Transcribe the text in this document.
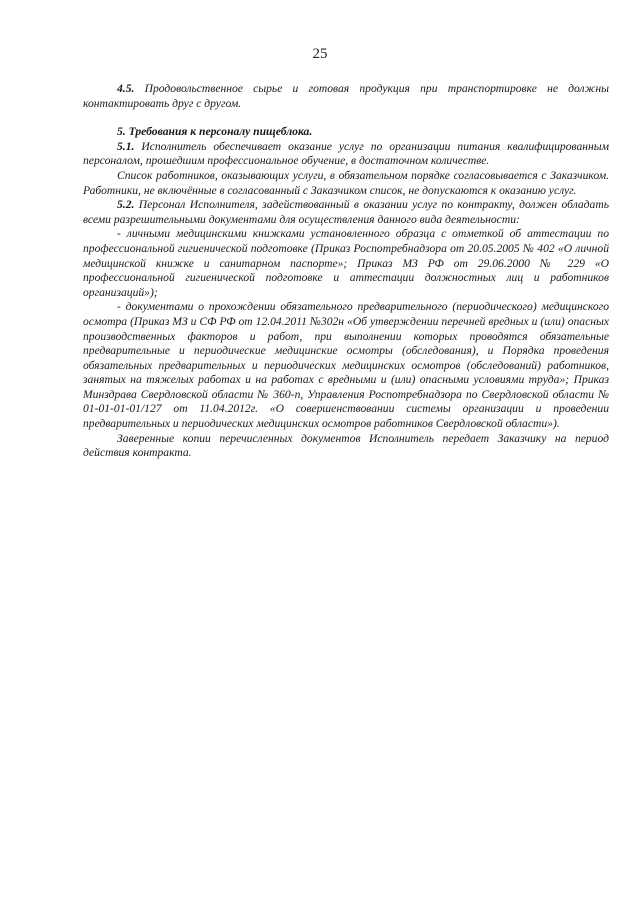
25

4.5. Продовольственное сырье и готовая продукция при транспортировке не должны контактировать друг с другом.

5. Требования к персоналу пищеблока.

5.1. Исполнитель обеспечивает оказание услуг по организации питания квалифицированным персоналом, прошедшим профессиональное обучение, в достаточном количестве.

Список работников, оказывающих услуги, в обязательном порядке согласовывается с Заказчиком. Работники, не включённые в согласованный с Заказчиком список, не допускаются к оказанию услуг.

5.2. Персонал Исполнителя, задействованный в оказании услуг по контракту, должен обладать всеми разрешительными документами для осуществления данного вида деятельности:

- личными медицинскими книжками установленного образца с отметкой об аттестации по профессиональной гигиенической подготовке (Приказ Роспотребнадзора от 20.05.2005 № 402 «О личной медицинской книжке и санитарном паспорте»; Приказ МЗ РФ от 29.06.2000 № 229 «О профессиональной гигиенической подготовке и аттестации должностных лиц и работников организаций»);

- документами о прохождении обязательного предварительного (периодического) медицинского осмотра (Приказ МЗ и СФ РФ от 12.04.2011 №302н «Об утверждении перечней вредных и (или) опасных производственных факторов и работ, при выполнении которых проводятся обязательные предварительные и периодические медицинские осмотры (обследования), и Порядка проведения обязательных предварительных и периодических медицинских осмотров (обследований) работников, занятых на тяжелых работах и на работах с вредными и (или) опасными условиями труда»; Приказ Минздрава Свердловской области № 360-п, Управления Роспотребнадзора по Свердловской области № 01-01-01-01/127 от 11.04.2012г. «О совершенствовании системы организации и проведении предварительных и периодических медицинских осмотров работников Свердловской области»).

Заверенные копии перечисленных документов Исполнитель передает Заказчику на период действия контракта.
